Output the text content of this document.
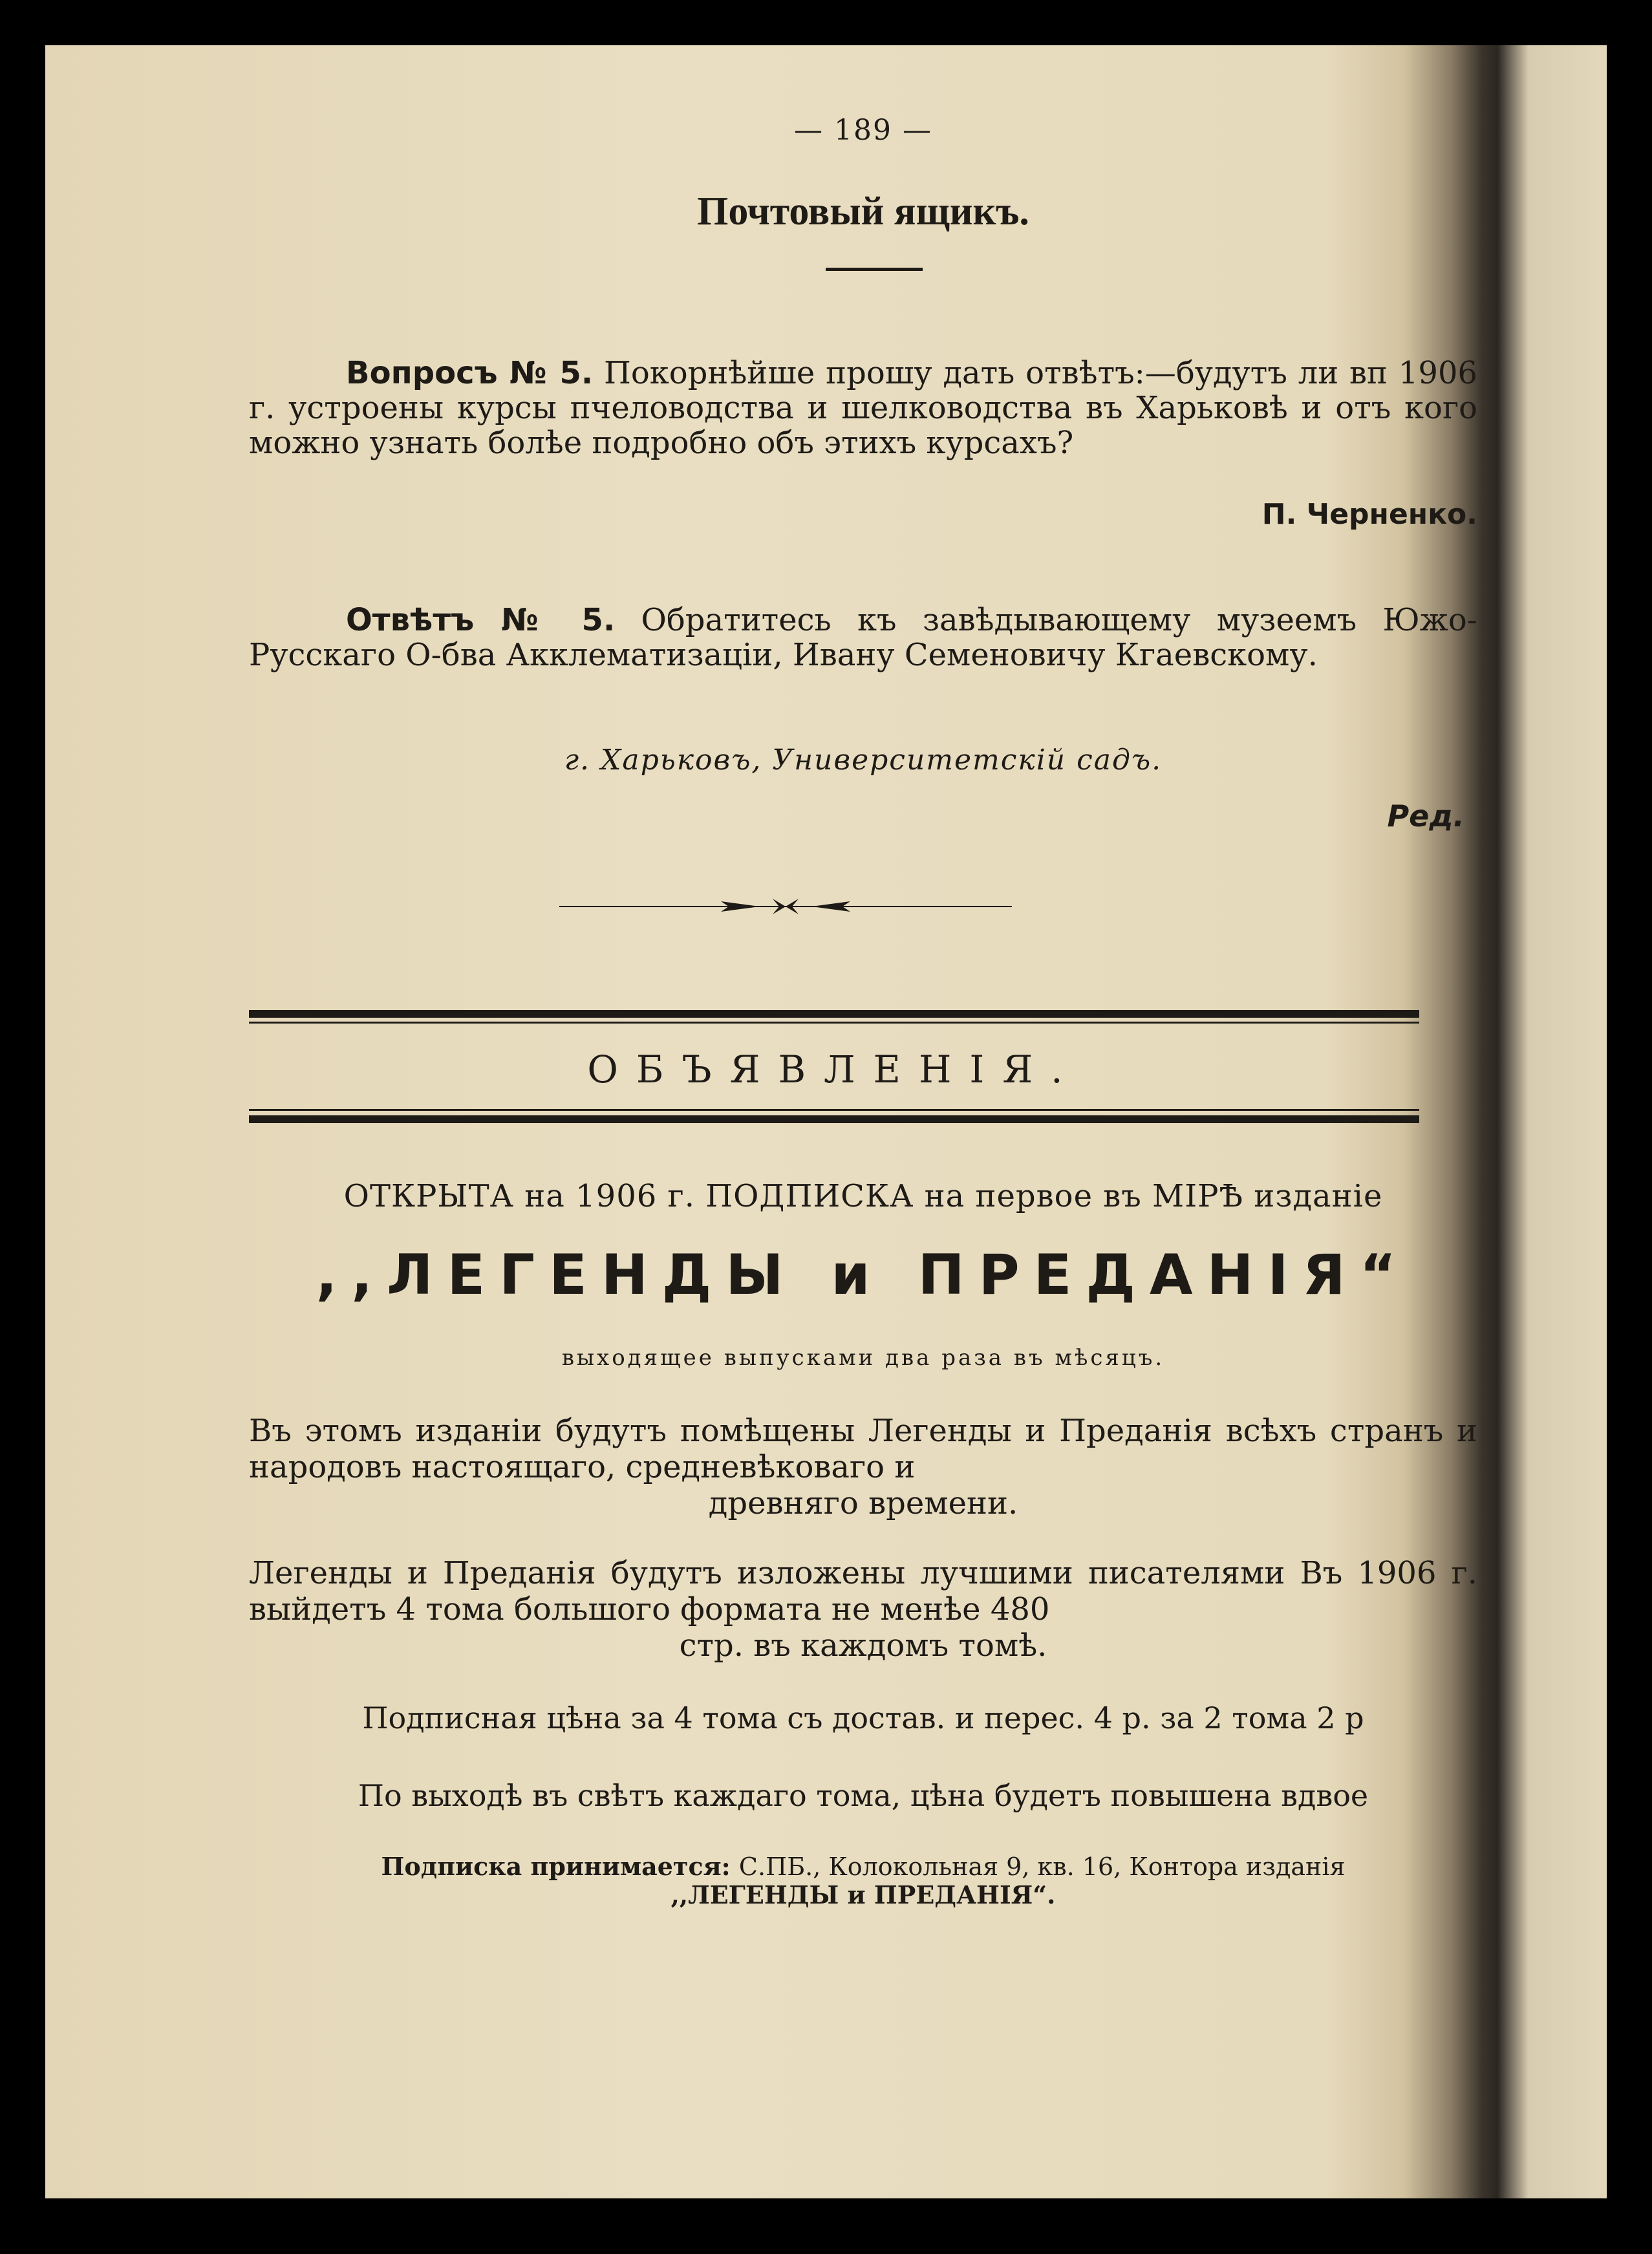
— 189 —
Почтовый ящикъ.

Вопросъ № 5. Покорнѣйше прошу дать отвѣтъ:—будутъ ли вп 1906 г. устроены курсы пчеловодства и шелководства въ Харьковѣ и отъ кого можно узнать болѣе подробно объ этихъ курсахъ?

П. Черненко.

Отвѣтъ № 5. Обратитесь къ завѣдывающему музеемъ Южо-Русскаго О-бва Акклематизаціи, Ивану Семеновичу Кгаевскому.

г. Харьковъ, Университетскій садъ.
Ред.
ОБЪЯВЛЕНІЯ.
ОТКРЫТА на 1906 г. ПОДПИСКА на первое въ МІРѢ изданіе
,,ЛЕГЕНДЫ и ПРЕДАНІЯ“
выходящее выпусками два раза въ мѣсяцъ.

Въ этомъ изданіи будутъ помѣщены Легенды и Преданія всѣхъ странъ и народовъ настоящаго, средневѣковаго и
древняго времени.

Легенды и Преданія будутъ изложены лучшими писателями Въ 1906 г. выйдетъ 4 тома большого формата не менѣе 480
стр. въ каждомъ томѣ.

Подписная цѣна за 4 тома съ достав. и перес. 4 р. за 2 тома 2 р
По выходѣ въ свѣтъ каждаго тома, цѣна будетъ повышена вдвое
Подписка принимается: С.ПБ., Колокольная 9, кв. 16, Контора изданія
,,ЛЕГЕНДЫ и ПРЕДАНІЯ“.
